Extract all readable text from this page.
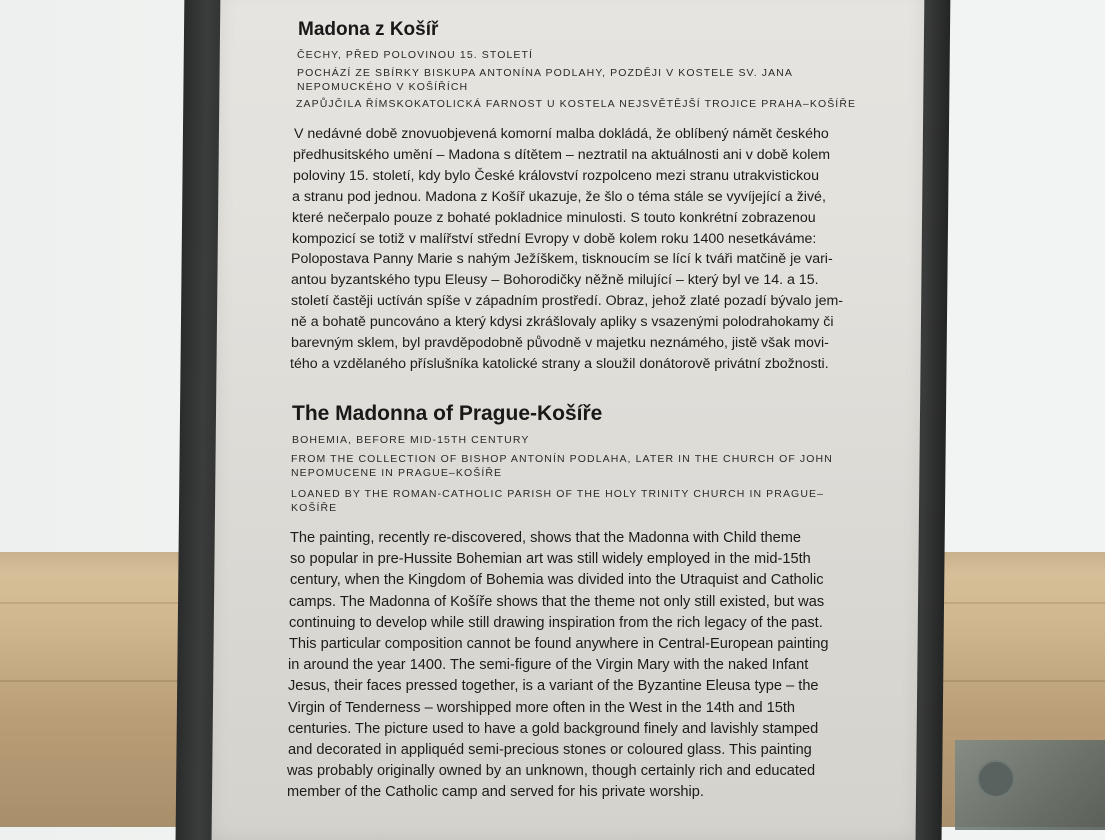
Madona z Košíř
ČECHY, PŘED POLOVINOU 15. STOLETÍ
POCHÁZÍ ZE SBÍRKY BISKUPA ANTONÍNA PODLAHY, POZDĚJI V KOSTELE SV. JANA
NEPOMUCKÉHO V KOŠÍŘÍCH
ZAPŮJČILA ŘÍMSKOKATOLICKÁ FARNOST U KOSTELA NEJSVĚTĚJŠÍ TROJICE PRAHA–KOŠÍŘE
V nedávné době znovuobjevená komorní malba dokládá, že oblíbený námět českého
předhusitského umění – Madona s dítětem – neztratil na aktuálnosti ani v době kolem
poloviny 15. století, kdy bylo České království rozpolceno mezi stranu utrakvistickou
a stranu pod jednou. Madona z Košíř ukazuje, že šlo o téma stále se vyvíjející a živé,
které nečerpalo pouze z bohaté pokladnice minulosti. S touto konkrétní zobrazenou
kompozicí se totiž v malířství střední Evropy v době kolem roku 1400 nesetkáváme:
Polopostava Panny Marie s nahým Ježíškem, tisknoucím se lící k tváři matčině je vari-
antou byzantského typu Eleusy – Bohorodičky něžně milující – který byl ve 14. a 15.
století častěji uctíván spíše v západním prostředí. Obraz, jehož zlaté pozadí bývalo jem-
ně a bohatě puncováno a který kdysi zkrášlovaly apliky s vsazenými polodrahokamy či
barevným sklem, byl pravděpodobně původně v majetku neznámého, jistě však movi-
tého a vzdělaného příslušníka katolické strany a sloužil donátorově privátní zbožnosti.
The Madonna of Prague-Košíře
BOHEMIA, BEFORE MID-15TH CENTURY
FROM THE COLLECTION OF BISHOP ANTONÍN PODLAHA, LATER IN THE CHURCH OF JOHN
NEPOMUCENE IN PRAGUE–KOŠÍŘE
LOANED BY THE ROMAN-CATHOLIC PARISH OF THE HOLY TRINITY CHURCH IN PRAGUE–
KOŠÍŘE
The painting, recently re-discovered, shows that the Madonna with Child theme
so popular in pre-Hussite Bohemian art was still widely employed in the mid-15th
century, when the Kingdom of Bohemia was divided into the Utraquist and Catholic
camps. The Madonna of Košíře shows that the theme not only still existed, but was
continuing to develop while still drawing inspiration from the rich legacy of the past.
This particular composition cannot be found anywhere in Central-European painting
in around the year 1400. The semi-figure of the Virgin Mary with the naked Infant
Jesus, their faces pressed together, is a variant of the Byzantine Eleusa type – the
Virgin of Tenderness – worshipped more often in the West in the 14th and 15th
centuries. The picture used to have a gold background finely and lavishly stamped
and decorated in appliquéd semi-precious stones or coloured glass. This painting
was probably originally owned by an unknown, though certainly rich and educated
member of the Catholic camp and served for his private worship.
